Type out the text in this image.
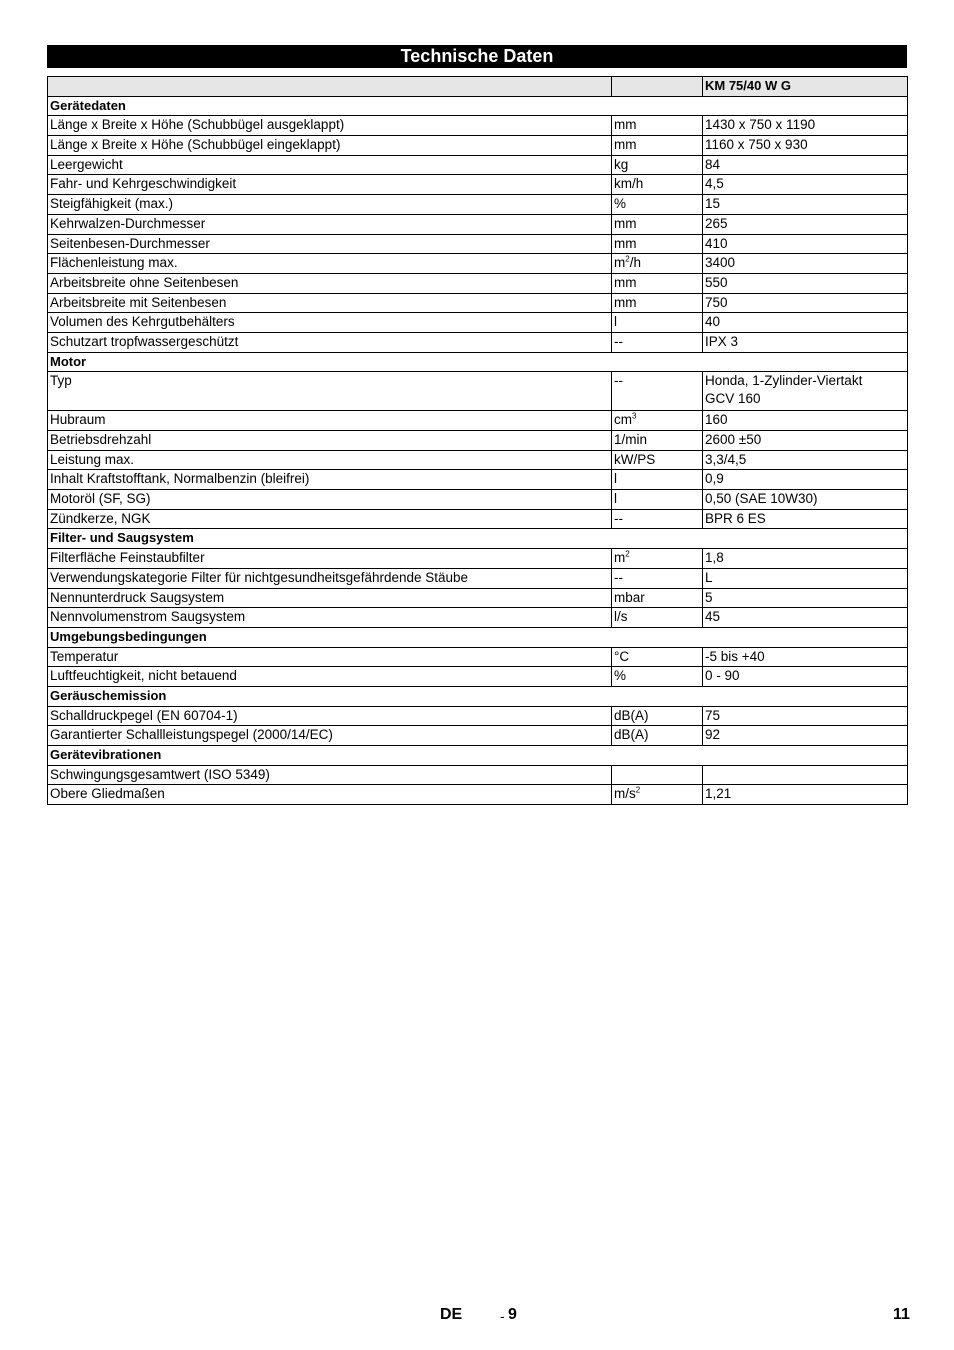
Technische Daten
		KM 75/40 W G
Gerätedaten		
Länge x Breite x Höhe (Schubbügel ausgeklappt)	mm	1430 x 750 x 1190

Länge x Breite x Höhe (Schubbügel eingeklappt)	mm	1160 x 750 x 930

Leergewicht	kg	84

Fahr- und Kehrgeschwindigkeit	km/h	4,5

Steigfähigkeit (max.)	%	15

Kehrwalzen-Durchmesser	mm	265

Seitenbesen-Durchmesser	mm	410

Flächenleistung max.	$m^2/h$	3400

Arbeitsbreite ohne Seitenbesen	mm	550

Arbeitsbreite mit Seitenbesen	mm	750

Volumen des Kehrgutbehälters	l	40

Schutzart tropfwassergeschützt	--	IPX 3

Motor		
Typ	--	Honda, 1-Zylinder-Viertakt
GCV 160

Hubraum	$cm^3$	160

Betriebsdrehzahl	1/min	2600 ±50

Leistung max.	kW/PS	3,3/4,5

Inhalt Kraftstofftank, Normalbenzin (bleifrei)	l	0,9

Motoröl (SF, SG)	l	0,50 (SAE 10W30)

Zündkerze, NGK	--	BPR 6 ES

Filter- und Saugsystem		
Filterfläche Feinstaubfilter	$m^2$	1,8

Verwendungskategorie Filter für nichtgesundheitsgefährdende Stäube	--	L

Nennunterdruck Saugsystem	mbar	5

Nennvolumenstrom Saugsystem	l/s	45

Umgebungsbedingungen		
Temperatur	°C	-5 bis +40

Luftfeuchtigkeit, nicht betauend	%	0 - 90

Geräuschemission		
Schalldruckpegel (EN 60704-1)	dB(A)	75

Garantierter Schallleistungspegel (2000/14/EC)	dB(A)	92

Gerätevibrationen		
Schwingungsgesamtwert (ISO 5349)		

Obere Gliedmaßen	$m/s^2$	1,21
DE	- 9	11
